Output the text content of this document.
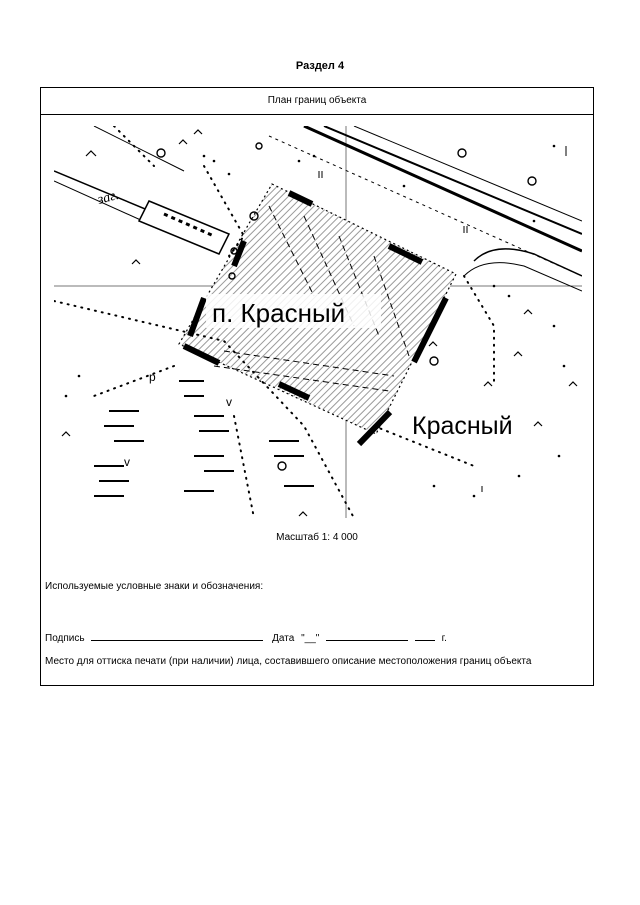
Раздел 4
План границ объекта
заг.
п. Красный
Красный
v
v
р
Масштаб 1: 4 000
Используемые условные знаки и обозначения:
Подпись	Дата "__"	г.
Место для оттиска печати (при наличии) лица, составившего описание местоположения границ объекта
